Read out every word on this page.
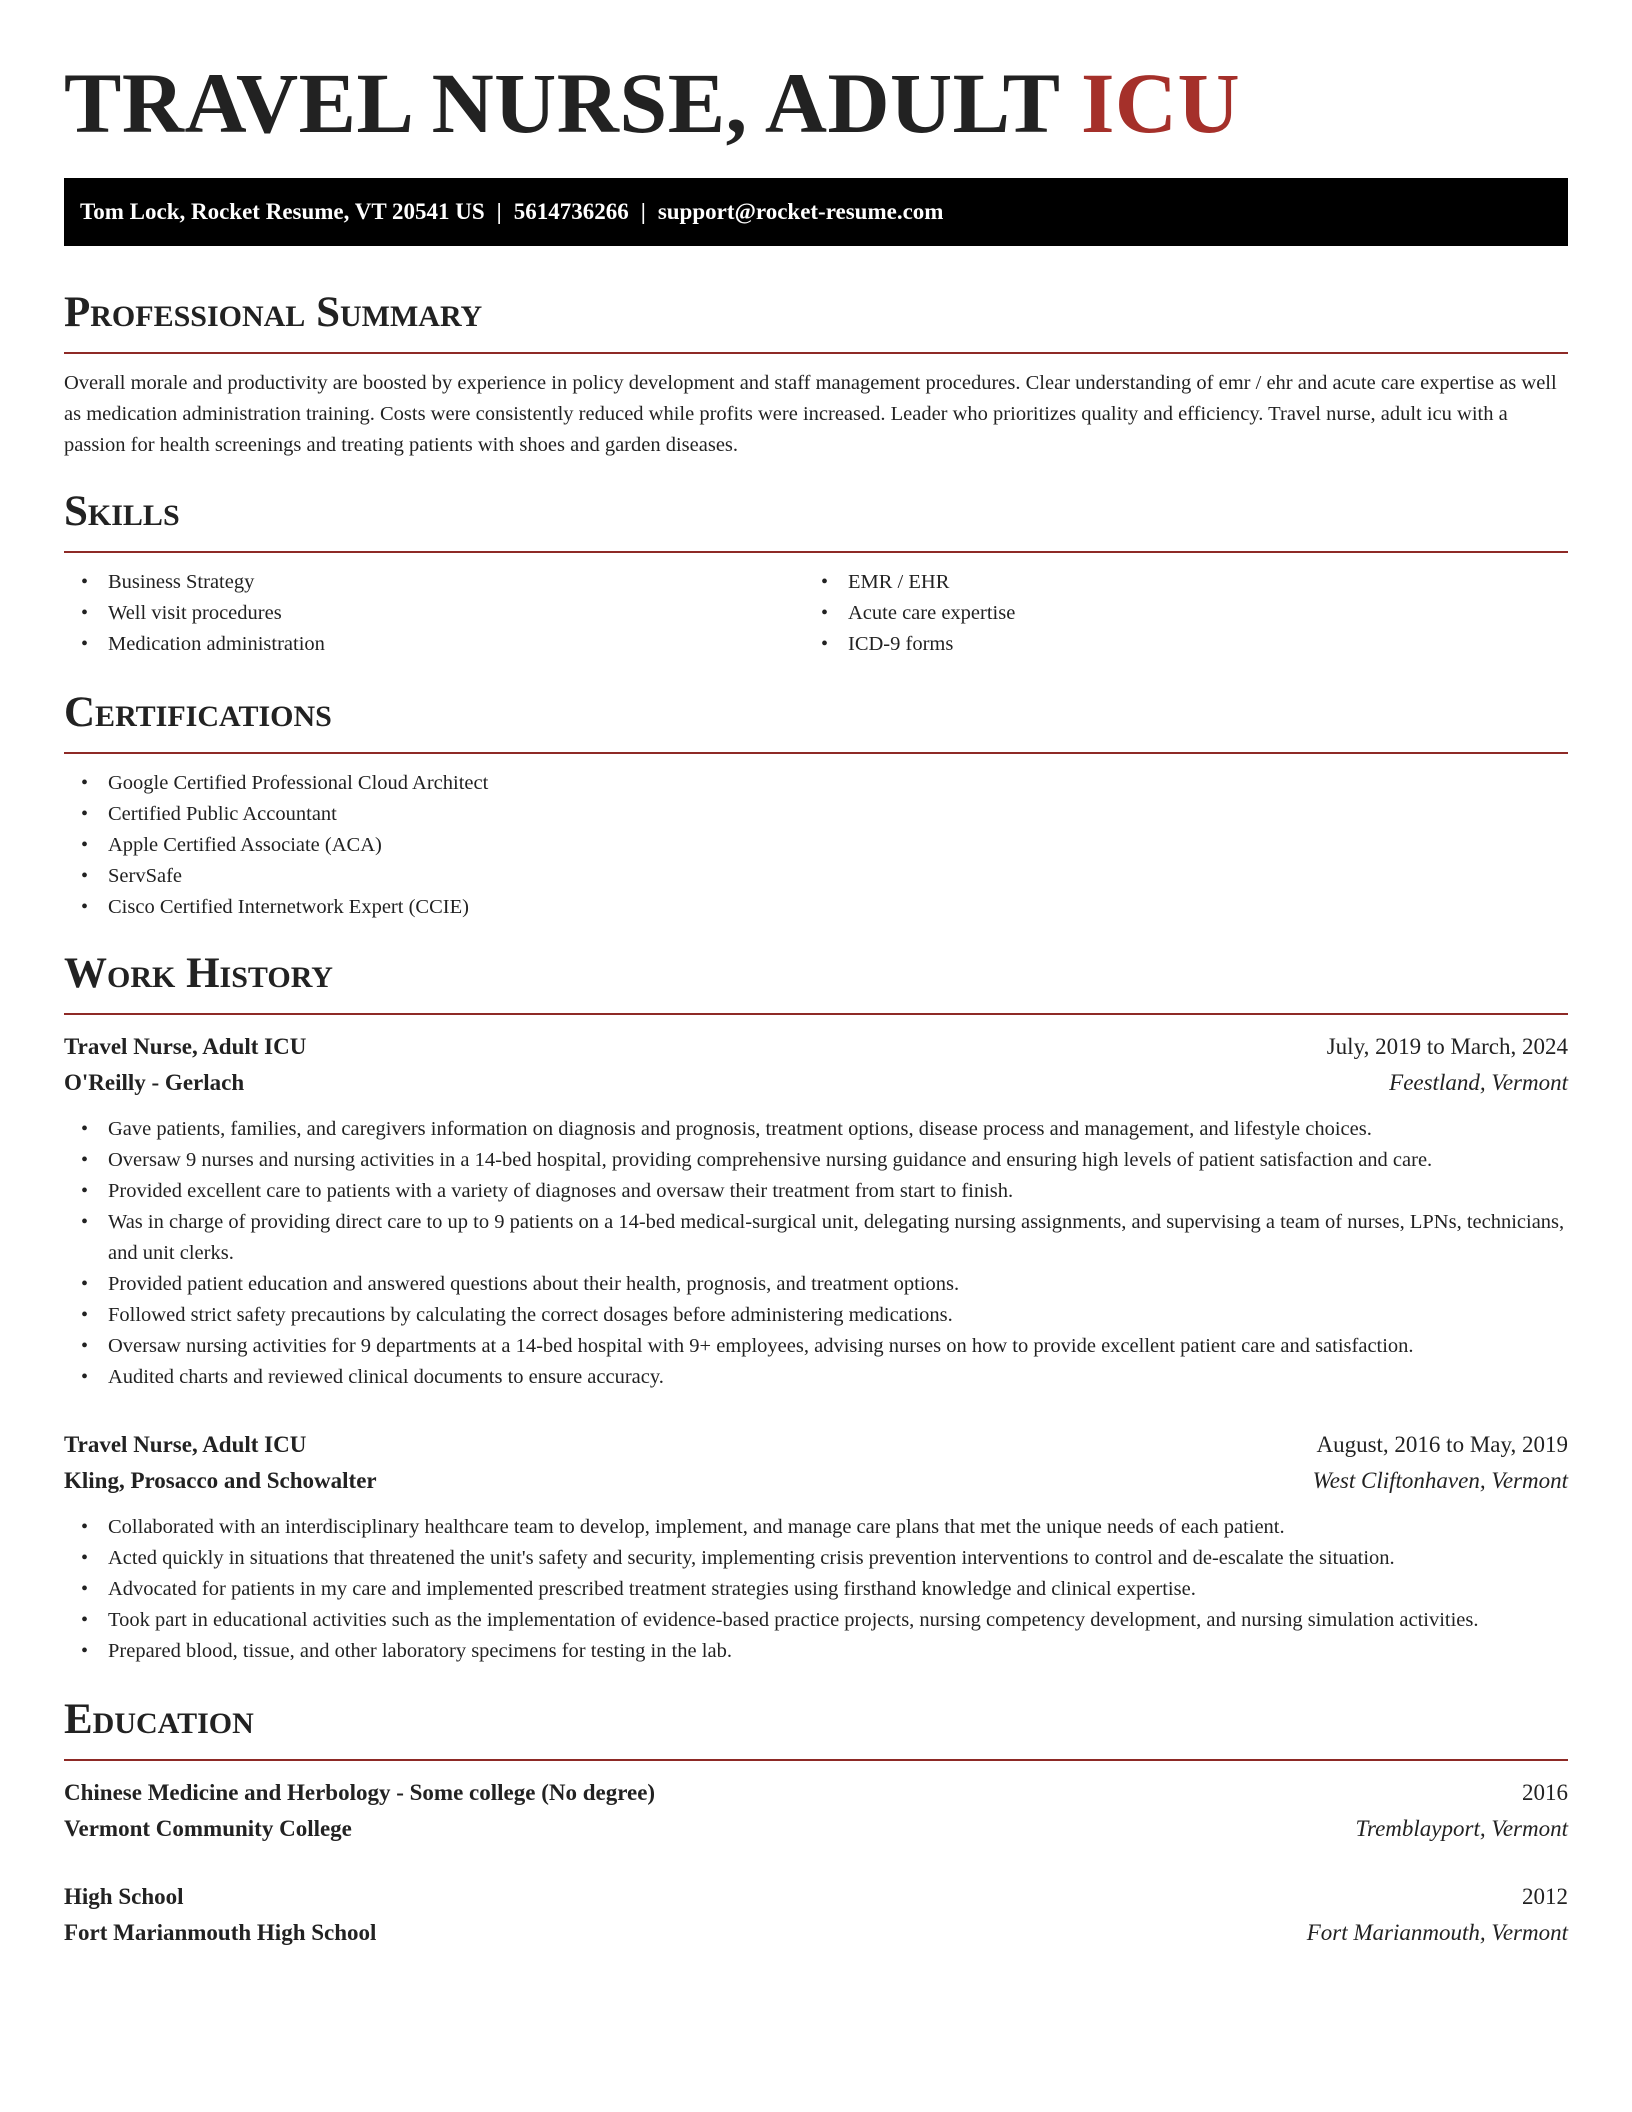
TRAVEL NURSE, ADULT ICU
Tom Lock, Rocket Resume, VT 20541 US | 5614736266 | support@rocket-resume.com
Professional Summary

Overall morale and productivity are boosted by experience in policy development and staff management procedures. Clear understanding of emr / ehr and acute care expertise as well as medication administration training. Costs were consistently reduced while profits were increased. Leader who prioritizes quality and efficiency. Travel nurse, adult icu with a passion for health screenings and treating patients with shoes and garden diseases.

Skills
• Business Strategy
• Well visit procedures
• Medication administration
• EMR / EHR
• Acute care expertise
• ICD-9 forms
Certifications
• Google Certified Professional Cloud Architect
• Certified Public Accountant
• Apple Certified Associate (ACA)
• ServSafe
• Cisco Certified Internetwork Expert (CCIE)
Work History
Travel Nurse, Adult ICU	July, 2019 to March, 2024
O'Reilly - Gerlach	Feestland, Vermont
• Gave patients, families, and caregivers information on diagnosis and prognosis, treatment options, disease process and management, and lifestyle choices.
• Oversaw 9 nurses and nursing activities in a 14-bed hospital, providing comprehensive nursing guidance and ensuring high levels of patient satisfaction and care.
• Provided excellent care to patients with a variety of diagnoses and oversaw their treatment from start to finish.
• Was in charge of providing direct care to up to 9 patients on a 14-bed medical-surgical unit, delegating nursing assignments, and supervising a team of nurses, LPNs, technicians, and unit clerks.
• Provided patient education and answered questions about their health, prognosis, and treatment options.
• Followed strict safety precautions by calculating the correct dosages before administering medications.
• Oversaw nursing activities for 9 departments at a 14-bed hospital with 9+ employees, advising nurses on how to provide excellent patient care and satisfaction.
• Audited charts and reviewed clinical documents to ensure accuracy.
Travel Nurse, Adult ICU	August, 2016 to May, 2019
Kling, Prosacco and Schowalter	West Cliftonhaven, Vermont
• Collaborated with an interdisciplinary healthcare team to develop, implement, and manage care plans that met the unique needs of each patient.
• Acted quickly in situations that threatened the unit's safety and security, implementing crisis prevention interventions to control and de-escalate the situation.
• Advocated for patients in my care and implemented prescribed treatment strategies using firsthand knowledge and clinical expertise.
• Took part in educational activities such as the implementation of evidence-based practice projects, nursing competency development, and nursing simulation activities.
• Prepared blood, tissue, and other laboratory specimens for testing in the lab.
Education
Chinese Medicine and Herbology - Some college (No degree)	2016
Vermont Community College	Tremblayport, Vermont
High School	2012
Fort Marianmouth High School	Fort Marianmouth, Vermont
